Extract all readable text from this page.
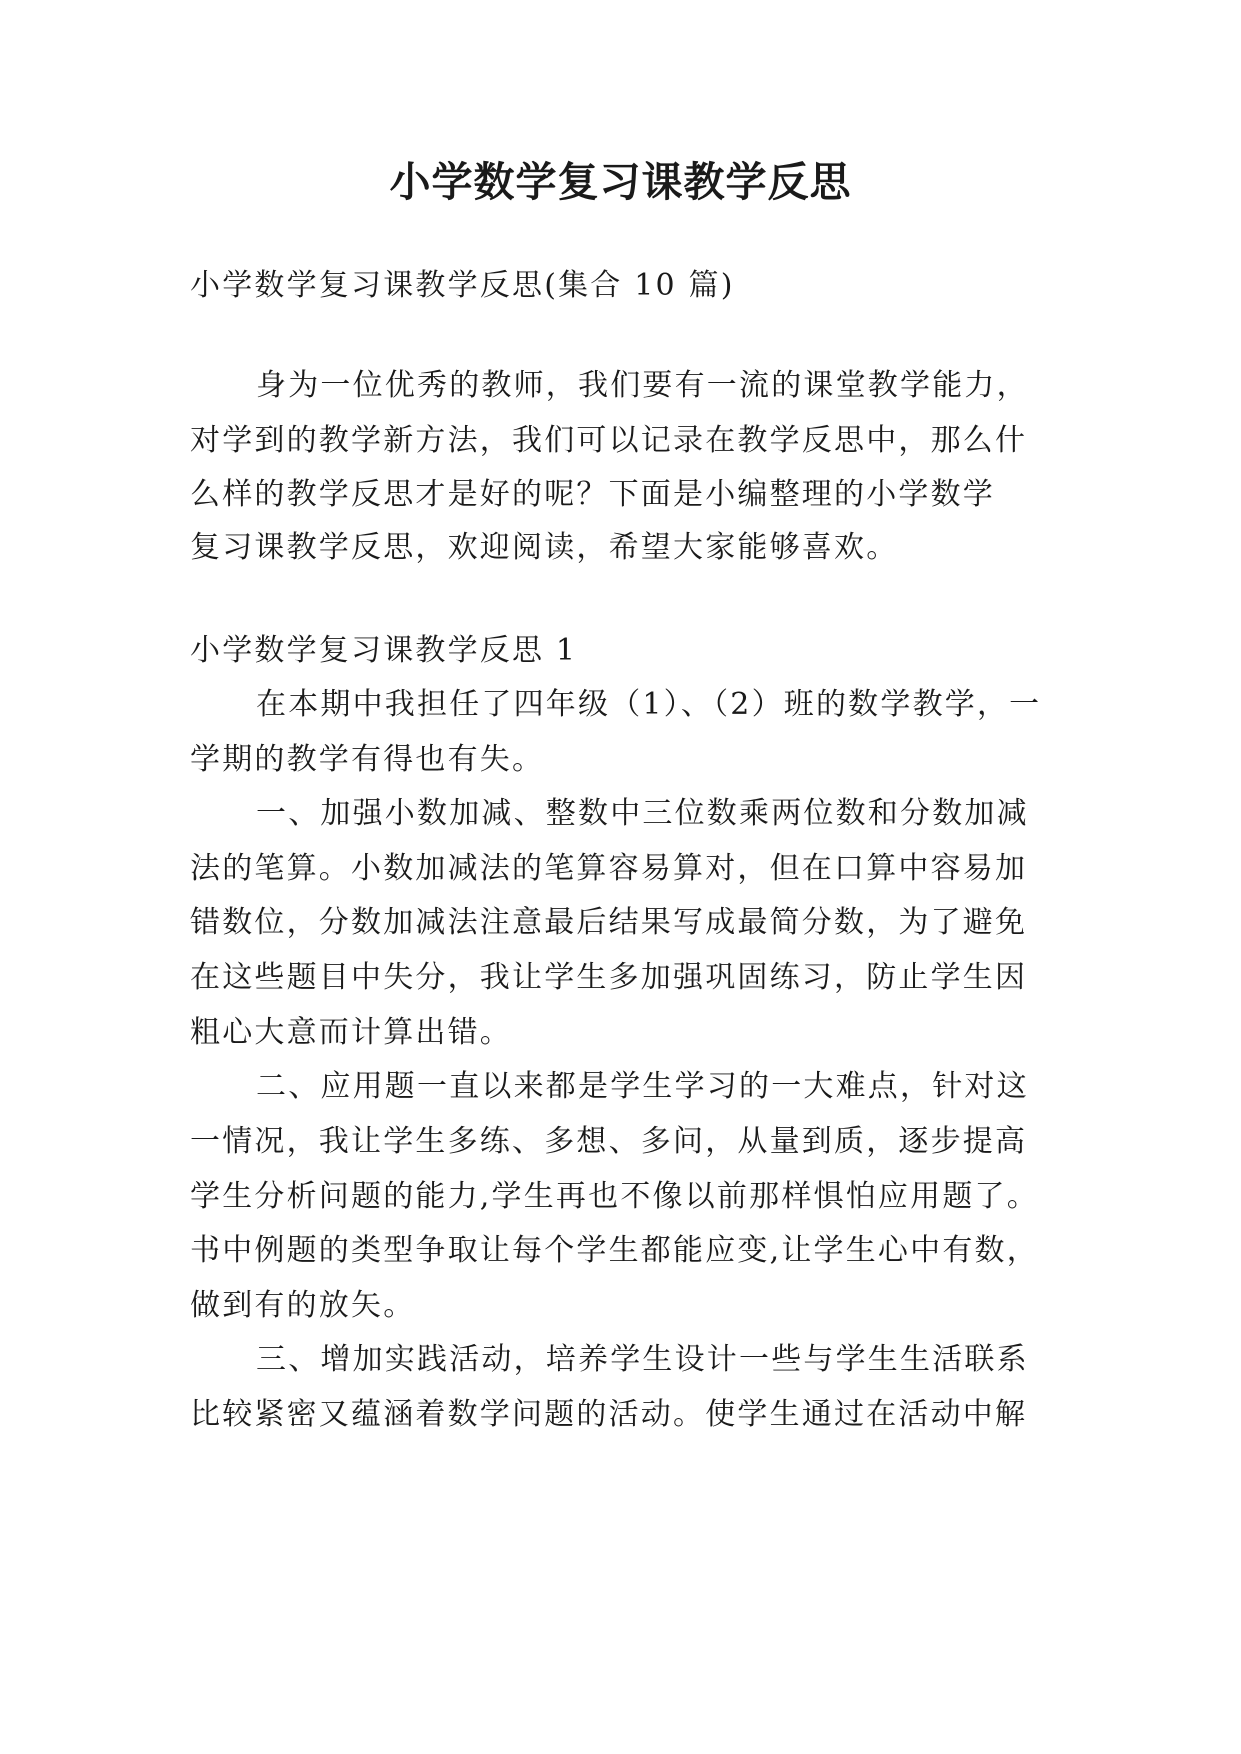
小学数学复习课教学反思
小学数学复习课教学反思(集合 10 篇)
身为一位优秀的教师，我们要有一流的课堂教学能力，
对学到的教学新方法，我们可以记录在教学反思中，那么什
么样的教学反思才是好的呢？下面是小编整理的小学数学
复习课教学反思，欢迎阅读，希望大家能够喜欢。
小学数学复习课教学反思 1
在本期中我担任了四年级（1）、（2）班的数学教学，一
学期的教学有得也有失。
一、加强小数加减、整数中三位数乘两位数和分数加减
法的笔算。小数加减法的笔算容易算对，但在口算中容易加
错数位，分数加减法注意最后结果写成最简分数，为了避免
在这些题目中失分，我让学生多加强巩固练习，防止学生因
粗心大意而计算出错。
二、应用题一直以来都是学生学习的一大难点，针对这
一情况，我让学生多练、多想、多问，从量到质，逐步提高
学生分析问题的能力,学生再也不像以前那样惧怕应用题了。
书中例题的类型争取让每个学生都能应变,让学生心中有数，
做到有的放矢。
三、增加实践活动，培养学生设计一些与学生生活联系
比较紧密又蕴涵着数学问题的活动。使学生通过在活动中解
